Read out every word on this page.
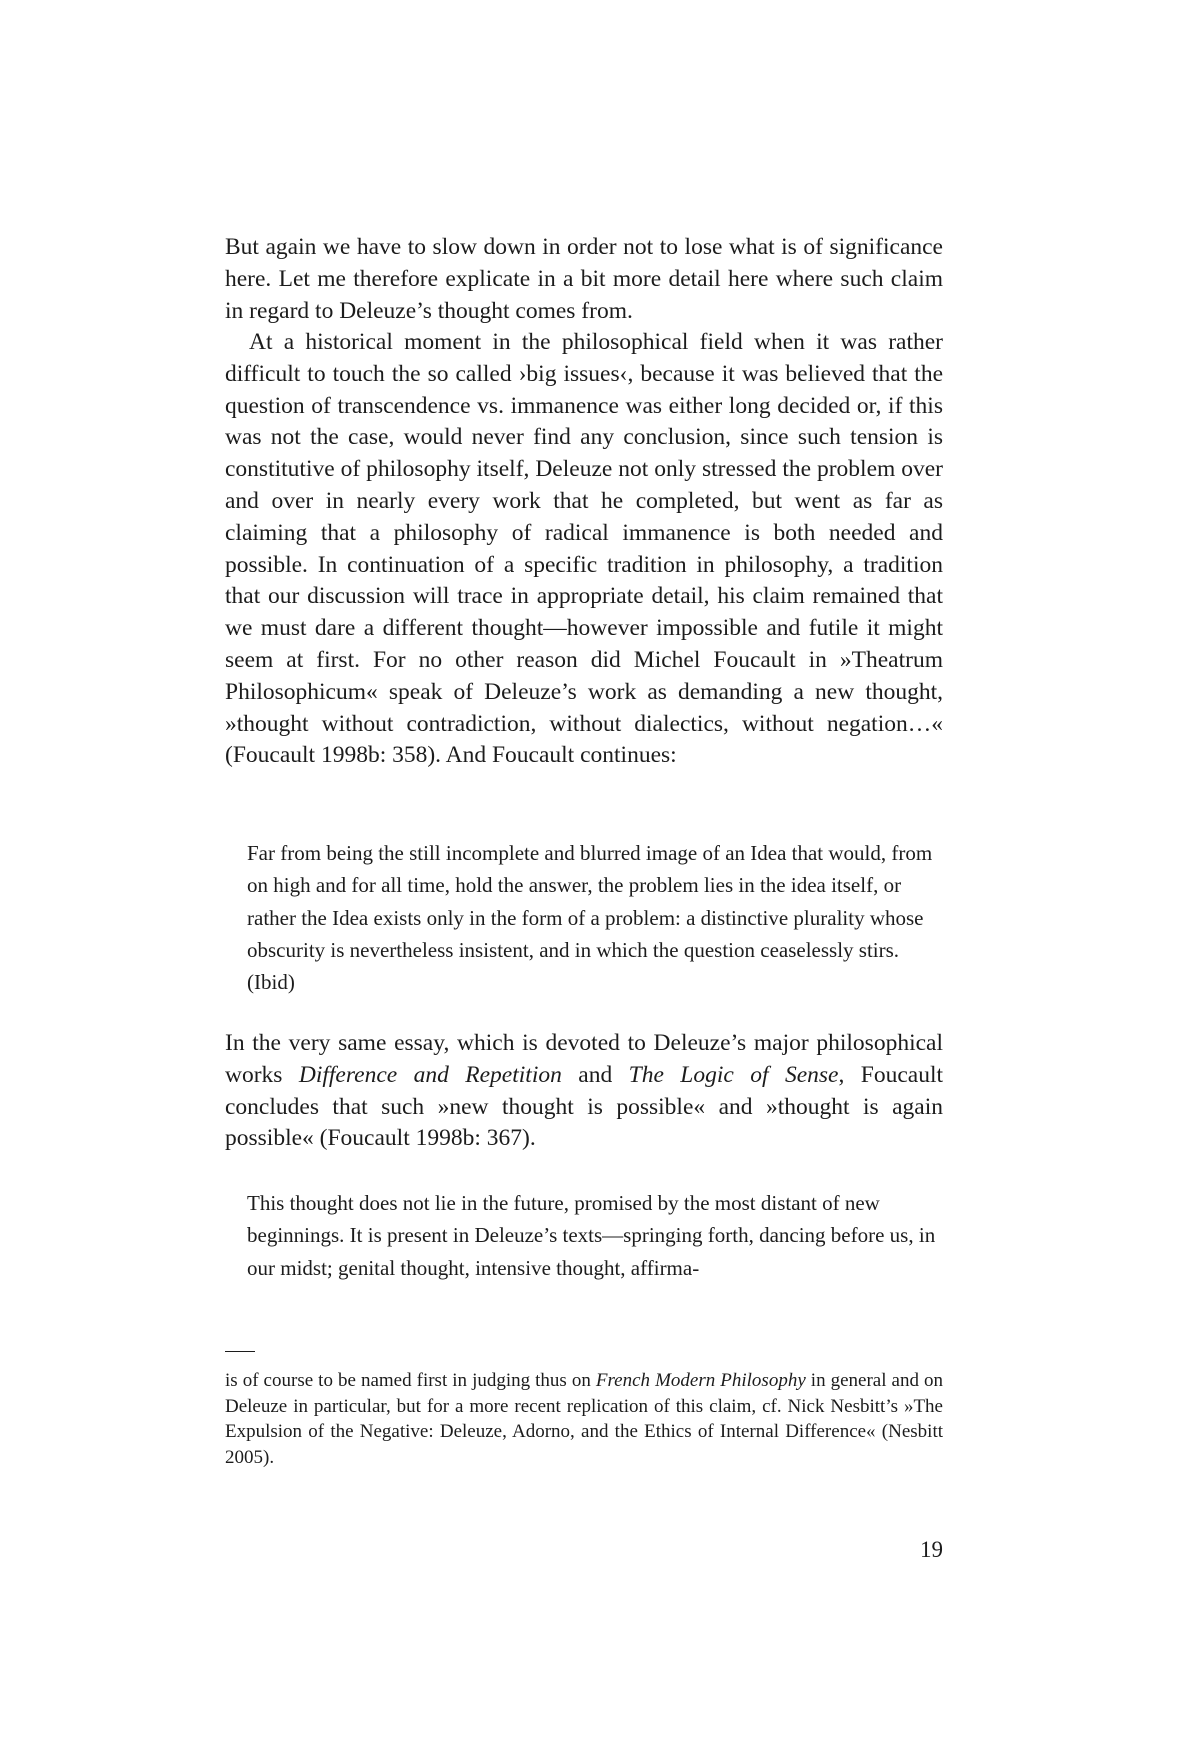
But again we have to slow down in order not to lose what is of significance here. Let me therefore explicate in a bit more detail here where such claim in regard to Deleuze’s thought comes from.

At a historical moment in the philosophical field when it was rather difficult to touch the so called ›big issues‹, because it was believed that the question of transcendence vs. immanence was either long decided or, if this was not the case, would never find any conclusion, since such tension is constitutive of philosophy itself, Deleuze not only stressed the problem over and over in nearly every work that he completed, but went as far as claiming that a philosophy of radical immanence is both needed and possible. In continuation of a specific tradition in philosophy, a tradition that our discussion will trace in appropriate detail, his claim remained that we must dare a different thought—however impossible and futile it might seem at first. For no other reason did Michel Foucault in »Theatrum Philosophicum« speak of Deleuze’s work as demanding a new thought, »thought without contradiction, without dialectics, without negation…« (Foucault 1998b: 358). And Foucault continues:

Far from being the still incomplete and blurred image of an Idea that would, from on high and for all time, hold the answer, the problem lies in the idea itself, or rather the Idea exists only in the form of a problem: a distinctive plurality whose obscurity is nevertheless insistent, and in which the question ceaselessly stirs. (Ibid)

In the very same essay, which is devoted to Deleuze’s major philosophical works Difference and Repetition and The Logic of Sense, Foucault concludes that such »new thought is possible« and »thought is again possible« (Foucault 1998b: 367).

This thought does not lie in the future, promised by the most distant of new beginnings. It is present in Deleuze’s texts—springing forth, dancing before us, in our midst; genital thought, intensive thought, affirma-

is of course to be named first in judging thus on French Modern Philosophy in general and on Deleuze in particular, but for a more recent replication of this claim, cf. Nick Nesbitt’s »The Expulsion of the Negative: Deleuze, Adorno, and the Ethics of Internal Difference« (Nesbitt 2005).

19
